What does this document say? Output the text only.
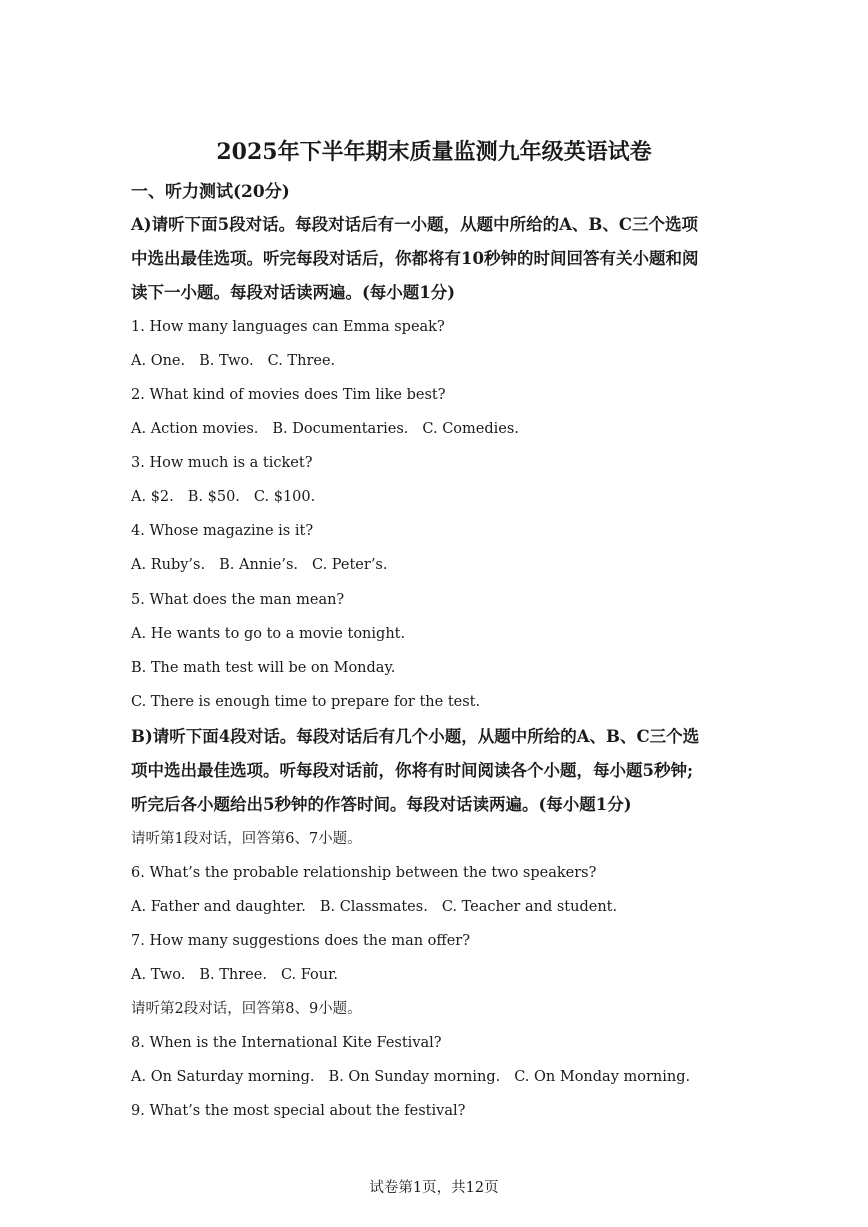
2025年下半年期末质量监测九年级英语试卷
一、听力测试(20分)
A)请听下面5段对话。每段对话后有一小题，从题中所给的A、B、C三个选项
中选出最佳选项。听完每段对话后，你都将有10秒钟的时间回答有关小题和阅
读下一小题。每段对话读两遍。(每小题1分)
1. How many languages can Emma speak?
A. One. B. Two. C. Three.
2. What kind of movies does Tim like best?
A. Action movies. B. Documentaries. C. Comedies.
3. How much is a ticket?
A. $2. B. $50. C. $100.
4. Whose magazine is it?
A. Ruby’s. B. Annie’s. C. Peter’s.
5. What does the man mean?
A. He wants to go to a movie tonight.
B. The math test will be on Monday.
C. There is enough time to prepare for the test.
B)请听下面4段对话。每段对话后有几个小题，从题中所给的A、B、C三个选
项中选出最佳选项。听每段对话前，你将有时间阅读各个小题，每小题5秒钟;
听完后各小题给出5秒钟的作答时间。每段对话读两遍。(每小题1分)
请听第1段对话，回答第6、7小题。
6. What’s the probable relationship between the two speakers?
A. Father and daughter. B. Classmates. C. Teacher and student.
7. How many suggestions does the man offer?
A. Two. B. Three. C. Four.
请听第2段对话，回答第8、9小题。
8. When is the International Kite Festival?
A. On Saturday morning. B. On Sunday morning. C. On Monday morning.
9. What’s the most special about the festival?
试卷第1页，共12页
